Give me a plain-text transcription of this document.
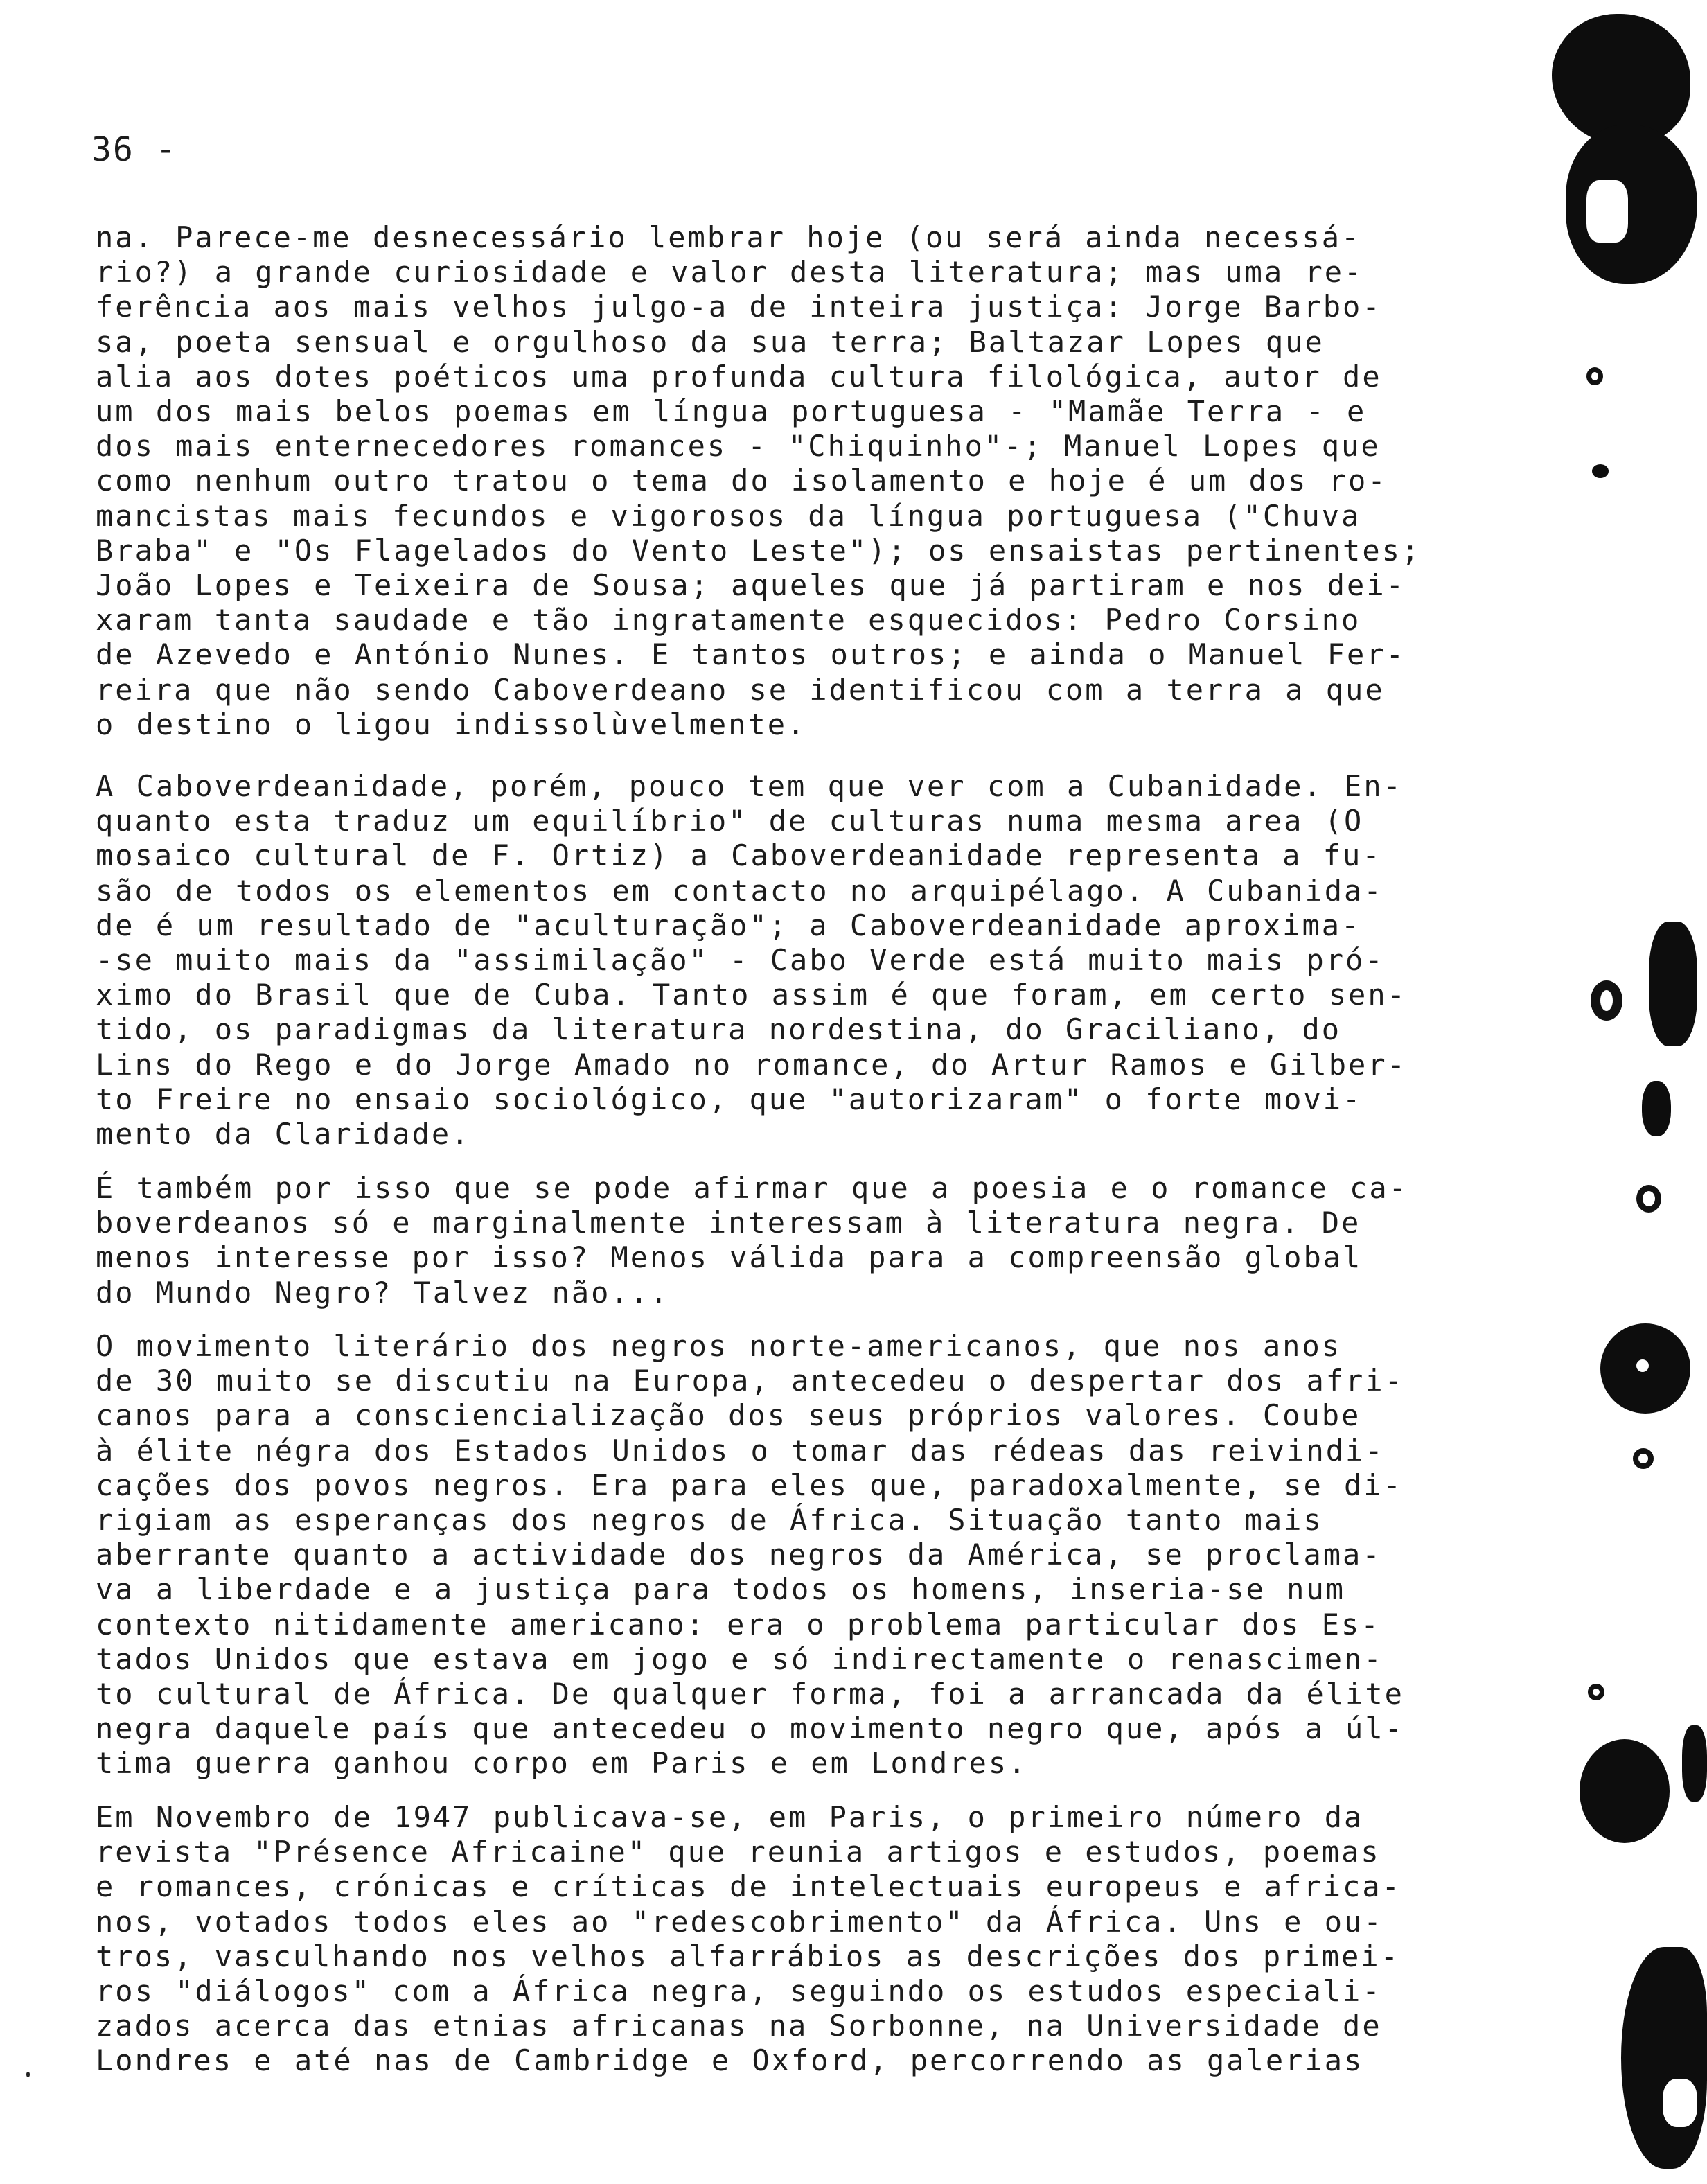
36 -

na. Parece-me desnecessário lembrar hoje (ou será ainda necessá-
rio?) a grande curiosidade e valor desta literatura; mas uma re-
ferência aos mais velhos julgo-a de inteira justiça: Jorge Barbo-
sa, poeta sensual e orgulhoso da sua terra; Baltazar Lopes que
alia aos dotes poéticos uma profunda cultura filológica, autor de
um dos mais belos poemas em língua portuguesa - "Mamãe Terra - e
dos mais enternecedores romances - "Chiquinho"-; Manuel Lopes que
como nenhum outro tratou o tema do isolamento e hoje é um dos ro-
mancistas mais fecundos e vigorosos da língua portuguesa ("Chuva
Braba" e "Os Flagelados do Vento Leste"); os ensaistas pertinentes;
João Lopes e Teixeira de Sousa; aqueles que já partiram e nos dei-
xaram tanta saudade e tão ingratamente esquecidos: Pedro Corsino
de Azevedo e António Nunes. E tantos outros; e ainda o Manuel Fer-
reira que não sendo Caboverdeano se identificou com a terra a que
o destino o ligou indissolùvelmente.

A Caboverdeanidade, porém, pouco tem que ver com a Cubanidade. En-
quanto esta traduz um equilíbrio" de culturas numa mesma area (O
mosaico cultural de F. Ortiz) a Caboverdeanidade representa a fu-
são de todos os elementos em contacto no arquipélago. A Cubanida-
de é um resultado de "aculturação"; a Caboverdeanidade aproxima-
-se muito mais da "assimilação" - Cabo Verde está muito mais pró-
ximo do Brasil que de Cuba. Tanto assim é que foram, em certo sen-
tido, os paradigmas da literatura nordestina, do Graciliano, do
Lins do Rego e do Jorge Amado no romance, do Artur Ramos e Gilber-
to Freire no ensaio sociológico, que "autorizaram" o forte movi-
mento da Claridade.

É também por isso que se pode afirmar que a poesia e o romance ca-
boverdeanos só e marginalmente interessam à literatura negra. De
menos interesse por isso? Menos válida para a compreensão global
do Mundo Negro? Talvez não...

O movimento literário dos negros norte-americanos, que nos anos
de 30 muito se discutiu na Europa, antecedeu o despertar dos afri-
canos para a consciencialização dos seus próprios valores. Coube
à élite négra dos Estados Unidos o tomar das rédeas das reivindi-
cações dos povos negros. Era para eles que, paradoxalmente, se di-
rigiam as esperanças dos negros de África. Situação tanto mais
aberrante quanto a actividade dos negros da América, se proclama-
va a liberdade e a justiça para todos os homens, inseria-se num
contexto nitidamente americano: era o problema particular dos Es-
tados Unidos que estava em jogo e só indirectamente o renascimen-
to cultural de África. De qualquer forma, foi a arrancada da élite
negra daquele país que antecedeu o movimento negro que, após a úl-
tima guerra ganhou corpo em Paris e em Londres.

Em Novembro de 1947 publicava-se, em Paris, o primeiro número da
revista "Présence Africaine" que reunia artigos e estudos, poemas
e romances, crónicas e críticas de intelectuais europeus e africa-
nos, votados todos eles ao "redescobrimento" da África. Uns e ou-
tros, vasculhando nos velhos alfarrábios as descrições dos primei-
ros "diálogos" com a África negra, seguindo os estudos especiali-
zados acerca das etnias africanas na Sorbonne, na Universidade de
Londres e até nas de Cambridge e Oxford, percorrendo as galerias
